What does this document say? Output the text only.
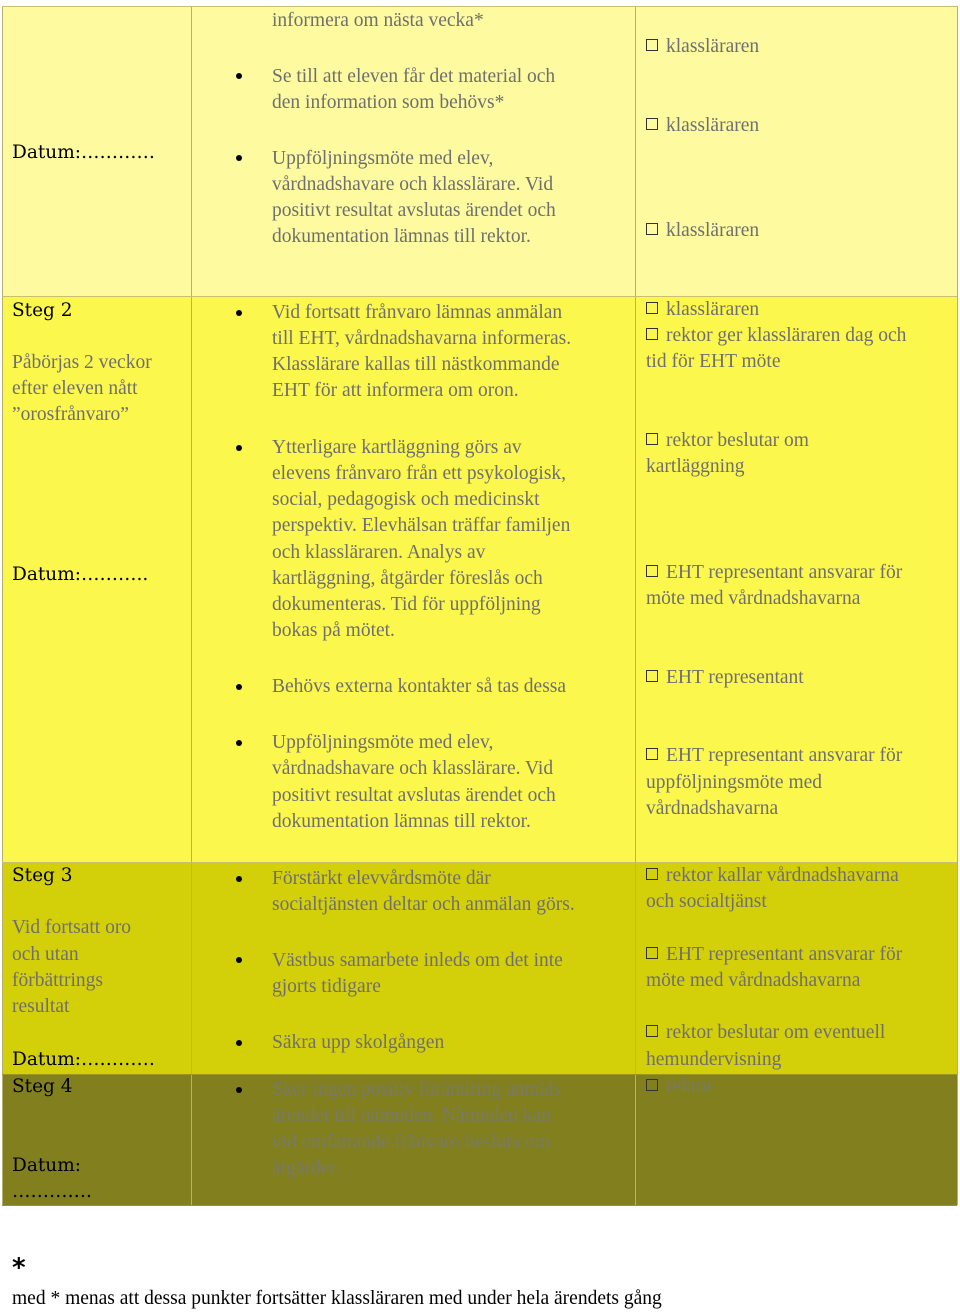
Datum:…………
informera om nästa vecka*
Se till att eleven får det material och
den information som behövs*
Uppföljningsmöte med elev,
vårdnadshavare och klasslärare. Vid
positivt resultat avslutas ärendet och
dokumentation lämnas till rektor.
klassläraren
klassläraren
klassläraren
Steg 2
Påbörjas 2 veckor
efter eleven nått
”orosfrånvaro”
Datum:………..
Vid fortsatt frånvaro lämnas anmälan
till EHT, vårdnadshavarna informeras.
Klasslärare kallas till nästkommande
EHT för att informera om oron.
Ytterligare kartläggning görs av
elevens frånvaro från ett psykologisk,
social, pedagogisk och medicinskt
perspektiv. Elevhälsan träffar familjen
och klassläraren. Analys av
kartläggning, åtgärder föreslås och
dokumenteras. Tid för uppföljning
bokas på mötet.
Behövs externa kontakter så tas dessa
Uppföljningsmöte med elev,
vårdnadshavare och klasslärare. Vid
positivt resultat avslutas ärendet och
dokumentation lämnas till rektor.
klassläraren
rektor ger klassläraren dag och
tid för EHT möte
rektor beslutar om
kartläggning
EHT representant ansvarar för
möte med vårdnadshavarna
EHT representant
EHT representant ansvarar för
uppföljningsmöte med
vårdnadshavarna
Steg 3
Vid fortsatt oro
och utan
förbättrings
resultat
Datum:…………
Förstärkt elevvårdsmöte där
socialtjänsten deltar och anmälan görs.
Västbus samarbete inleds om det inte
gjorts tidigare
Säkra upp skolgången
rektor kallar vårdnadshavarna
och socialtjänst
EHT representant ansvarar för
möte med vårdnadshavarna
rektor beslutar om eventuell
hemundervisning
Steg 4
Datum:
………….
Sker ingen positiv förändring anmäls
ärendet till nämnden. Nämnden kan
vid omfattande frånvaro besluta om
åtgärder.
rektor
*
med * menas att dessa punkter fortsätter klassläraren med under hela ärendets gång
